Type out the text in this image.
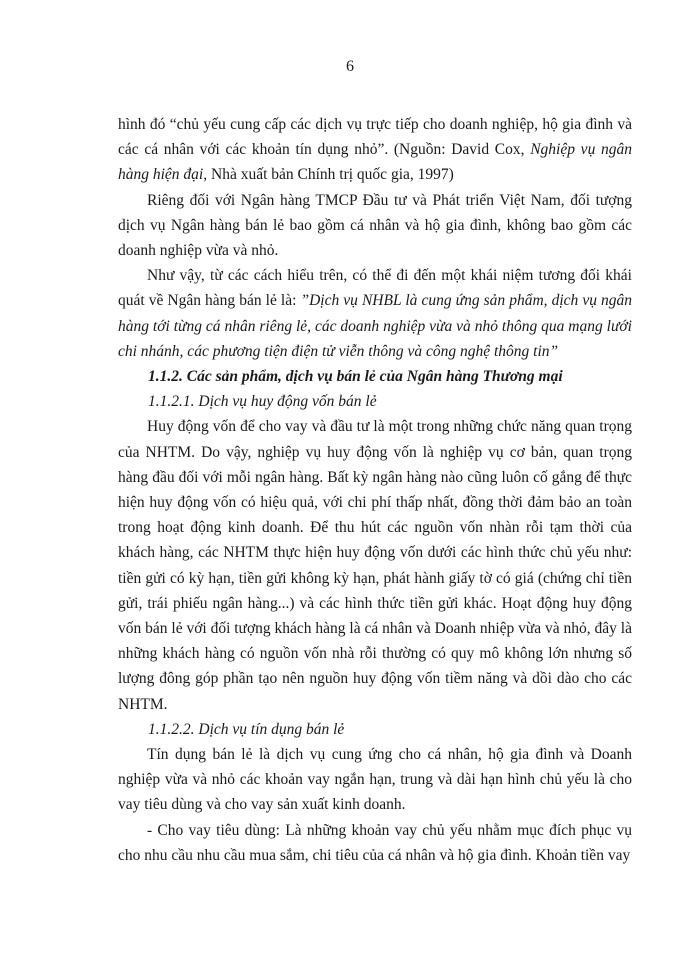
6

hình đó “chủ yếu cung cấp các dịch vụ trực tiếp cho doanh nghiệp, hộ gia đình và các cá nhân với các khoản tín dụng nhỏ”. (Nguồn: David Cox, Nghiệp vụ ngân hàng hiện đại, Nhà xuất bản Chính trị quốc gia, 1997)

Riêng đối với Ngân hàng TMCP Đầu tư và Phát triển Việt Nam, đối tượng dịch vụ Ngân hàng bán lẻ bao gồm cá nhân và hộ gia đình, không bao gồm các doanh nghiệp vừa và nhỏ.

Như vậy, từ các cách hiểu trên, có thể đi đến một khái niệm tương đối khái quát về Ngân hàng bán lẻ là: ”Dịch vụ NHBL là cung ứng sản phẩm, dịch vụ ngân hàng tới từng cá nhân riêng lẻ, các doanh nghiệp vừa và nhỏ thông qua mạng lưới chi nhánh, các phương tiện điện tử viễn thông và công nghệ thông tin”

1.1.2. Các sản phẩm, dịch vụ bán lẻ của Ngân hàng Thương mại

1.1.2.1. Dịch vụ huy động vốn bán lẻ

Huy động vốn để cho vay và đầu tư là một trong những chức năng quan trọng của NHTM. Do vậy, nghiệp vụ huy động vốn là nghiệp vụ cơ bản, quan trọng hàng đầu đối với mỗi ngân hàng. Bất kỳ ngân hàng nào cũng luôn cố gắng để thực hiện huy động vốn có hiệu quả, với chi phí thấp nhất, đồng thời đảm bảo an toàn trong hoạt động kinh doanh. Để thu hút các nguồn vốn nhàn rỗi tạm thời của khách hàng, các NHTM thực hiện huy động vốn dưới các hình thức chủ yếu như: tiền gửi có kỳ hạn, tiền gửi không kỳ hạn, phát hành giấy tờ có giá (chứng chỉ tiền gửi, trái phiếu ngân hàng...) và các hình thức tiền gửi khác. Hoạt động huy động vốn bán lẻ với đối tượng khách hàng là cá nhân và Doanh nhiệp vừa và nhỏ, đây là những khách hàng có nguồn vốn nhà rỗi thường có quy mô không lớn nhưng số lượng đông góp phần tạo nên nguồn huy động vốn tiềm năng và dồi dào cho các NHTM.

1.1.2.2. Dịch vụ tín dụng bán lẻ

Tín dụng bán lẻ là dịch vụ cung ứng cho cá nhân, hộ gia đình và Doanh nghiệp vừa và nhỏ các khoản vay ngắn hạn, trung và dài hạn hình chủ yếu là cho vay tiêu dùng và cho vay sản xuất kinh doanh.

- Cho vay tiêu dùng: Là những khoản vay chủ yếu nhằm mục đích phục vụ cho nhu cầu nhu cầu mua sắm, chi tiêu của cá nhân và hộ gia đình. Khoản tiền vay
